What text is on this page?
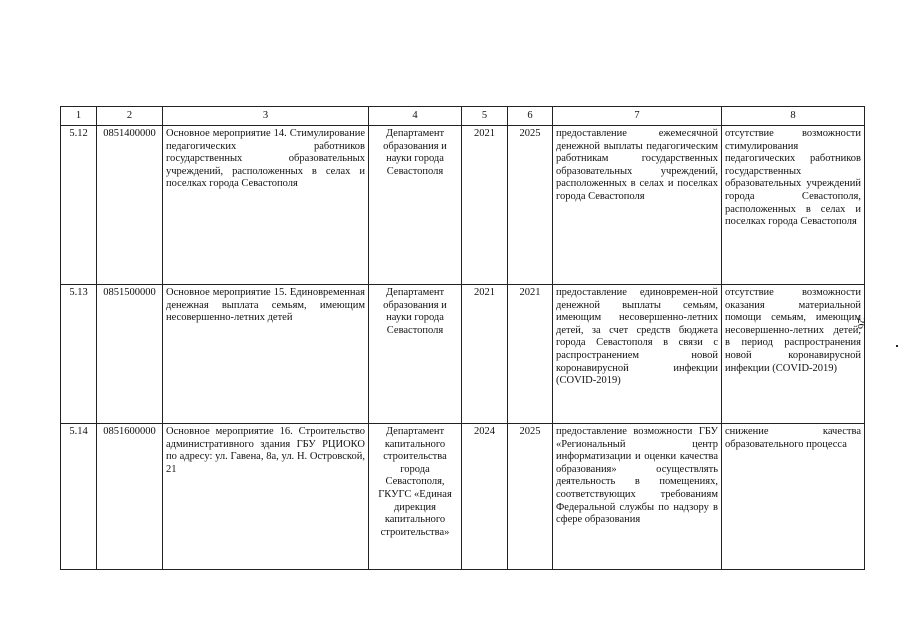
1	2	3	4	5	6	7	8
5.12	0851400000	Основное мероприятие 14. Стимулирование педагогических работников государственных образовательных учреждений, расположенных в селах и поселках города Севастополя	Департамент образования и науки города Севастополя	2021	2025	предоставление ежемесячной денежной выплаты педагогическим работникам государственных образовательных учреждений, расположенных в селах и поселках города Севастополя	отсутствие возможности стимулирования педагогических работников государственных образовательных учреждений города Севастополя, расположенных в селах и поселках города Севастополя
5.13	0851500000	Основное мероприятие 15. Единовременная денежная выплата семьям, имеющим несовершенно-летних детей	Департамент образования и науки города Севастополя	2021	2021	предоставление единовремен-ной денежной выплаты семьям, имеющим несовершенно-летних детей, за счет средств бюджета города Севастополя в связи с распространением новой коронавирусной инфекции (COVID-2019)	отсутствие возможности оказания материальной помощи семьям, имеющим несовершенно-летних детей, в период распространения новой коронавирусной инфекции (COVID-2019)
5.14	0851600000	Основное мероприятие 16. Строительство административного здания ГБУ РЦИОКО по адресу: ул. Гавена, 8а, ул. Н. Островской, 21	Департамент капитального строительства города Севастополя, ГКУГС «Единая дирекция капитального строительства»	2024	2025	предоставление возможности ГБУ «Региональный центр информатизации и оценки качества образования» осуществлять деятельность в помещениях, соответствующих требованиям Федеральной службы по надзору в сфере образования	снижение качества образовательного процесса
26
